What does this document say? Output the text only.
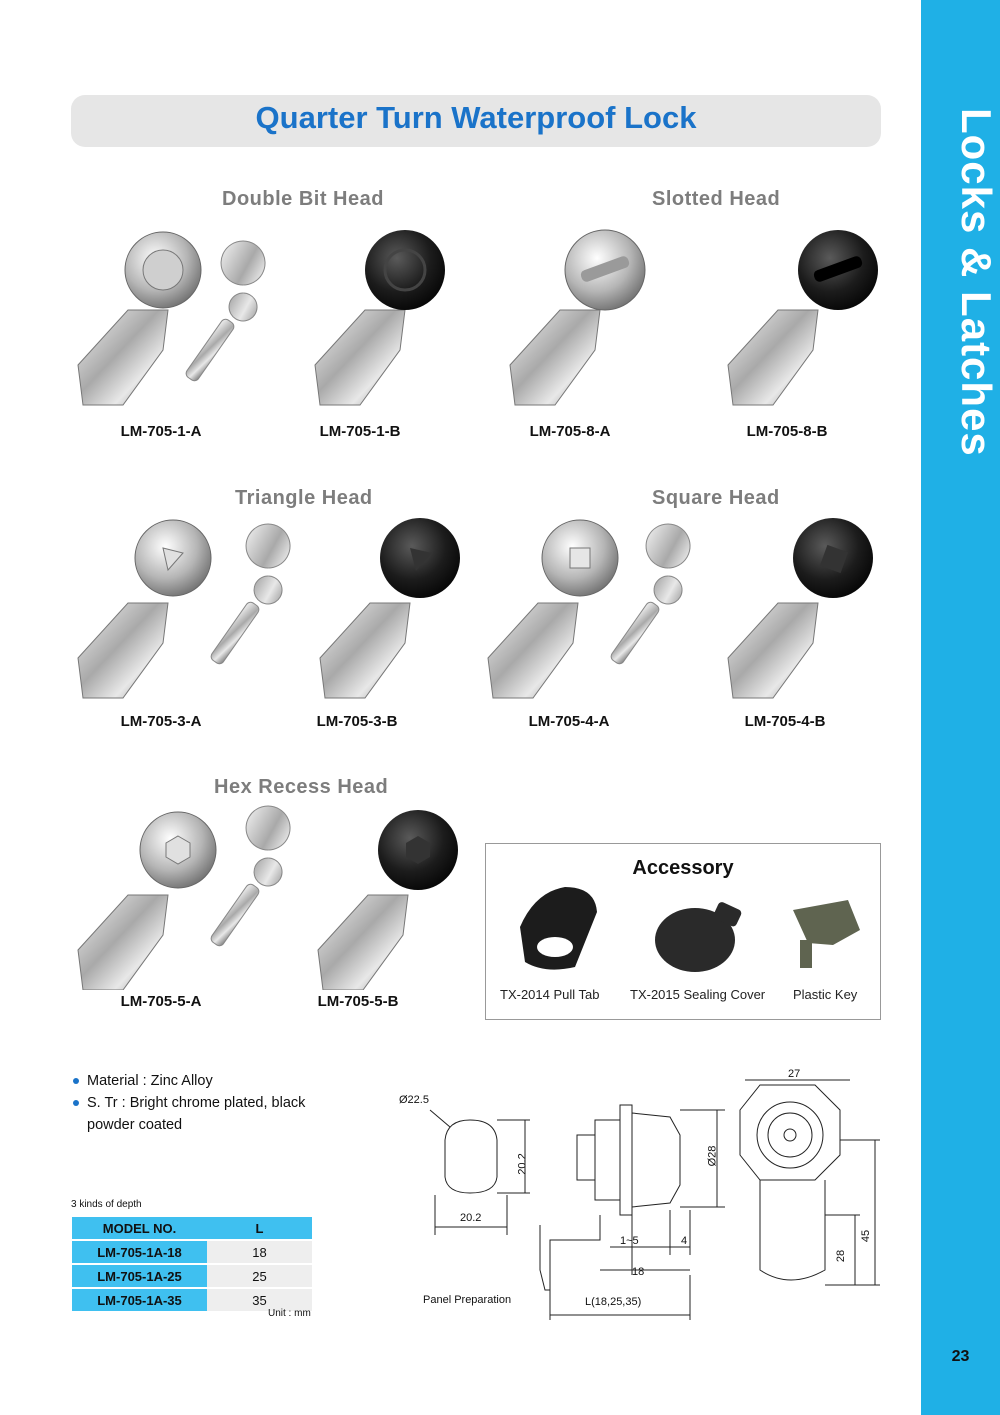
Locks & Latches
23
Quarter Turn Waterproof Lock
Double Bit Head	Slotted Head
Triangle Head	Square Head
Hex Recess Head
LM-705-1-A	LM-705-1-B	LM-705-8-A	LM-705-8-B
LM-705-3-A	LM-705-3-B	LM-705-4-A	LM-705-4-B
LM-705-5-A	LM-705-5-B
Accessory
TX-2014 Pull Tab TX-2015 Sealing Cover Plastic Key
Material : Zinc Alloy
S. Tr : Bright chrome plated, black
powder coated
3 kinds of depth
MODEL NO.	L
LM-705-1A-18	18
LM-705-1A-25	25
LM-705-1A-35	35
Unit : mm
Ø22.5
20.2
20.2
Ø28
1~5	4
18
L(18,25,35)
27
28
45
Panel Preparation
